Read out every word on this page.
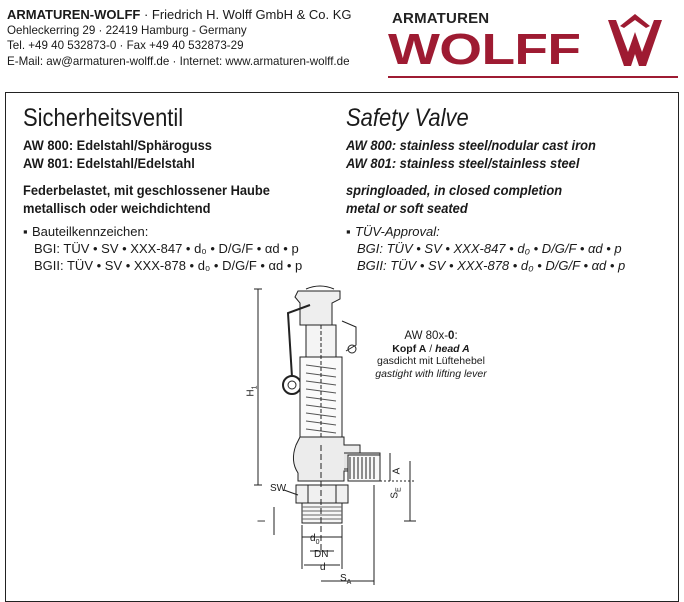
ARMATUREN-WOLFF · Friedrich H. Wolff GmbH & Co. KG
Oehleckerring 29 · 22419 Hamburg - Germany
Tel. +49 40 532873-0 · Fax +49 40 532873-29
E-Mail: aw@armaturen-wolff.de · Internet: www.armaturen-wolff.de
ARMATUREN
WOLFF
Sicherheitsventil
AW 800: Edelstahl/Sphäroguss
AW 801: Edelstahl/Edelstahl
Federbelastet, mit geschlossener Haube
metallisch oder weichdichtend
▪ Bauteilkennzeichen:
BGI: TÜV • SV • XXX-847 • d₀ • D/G/F • αd • p
BGII: TÜV • SV • XXX-878 • d₀ • D/G/F • αd • p
Safety Valve
AW 800: stainless steel/nodular cast iron
AW 801: stainless steel/stainless steel
springloaded, in closed completion
metal or soft seated
▪ TÜV-Approval:
BGI: TÜV • SV • XXX-847 • d₀ • D/G/F • αd • p
BGII: TÜV • SV • XXX-878 • d₀ • D/G/F • αd • p
$H_1$
A
$S_E$
SW
l
$d_0$
DN
d
$S_A$
AW 80x-0:
Kopf A / head A
gasdicht mit Lüftehebel
gastight with lifting lever
